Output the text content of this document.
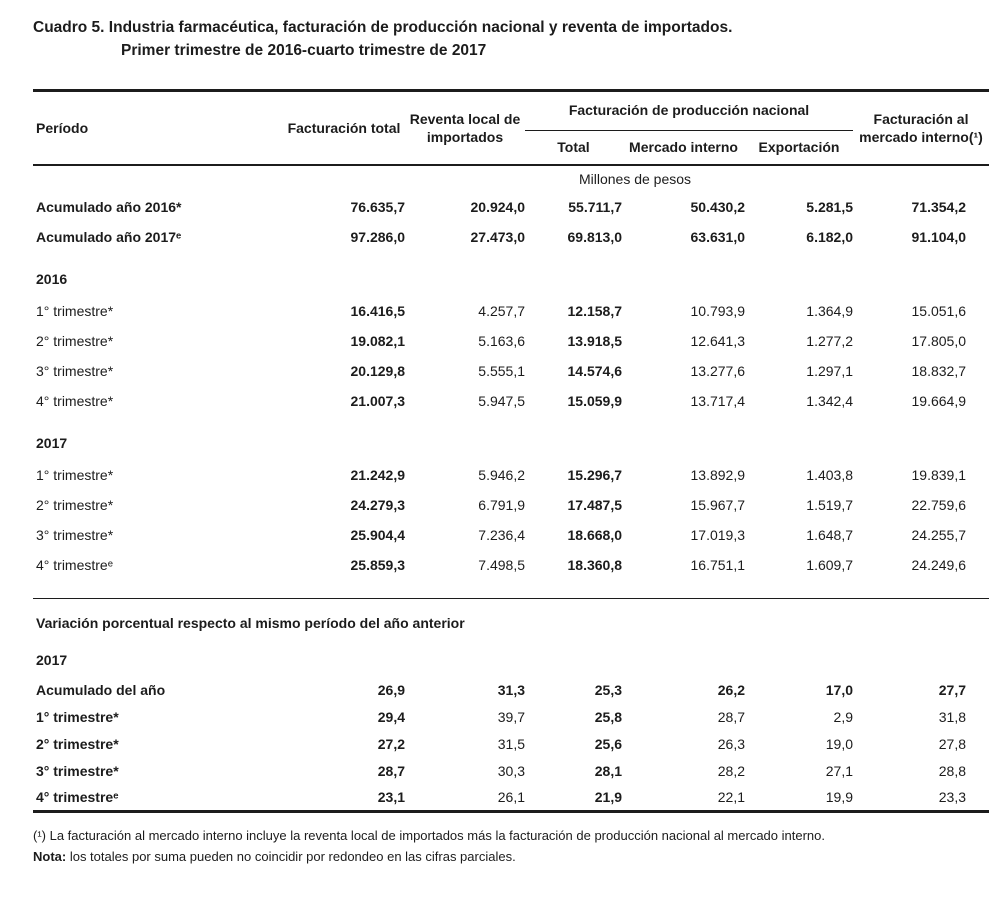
Cuadro 5. Industria farmacéutica, facturación de producción nacional y reventa de importados.
Primer trimestre de 2016-cuarto trimestre de 2017
Período	Facturación total	Reventa local de importados	Facturación de producción nacional			Facturación al mercado interno(¹)
			Total	Mercado interno	Exportación	
			Millones de pesos			
Acumulado año 2016*	76.635,7	20.924,0	55.711,7	50.430,2	5.281,5	71.354,2
Acumulado año 2017ᵉ	97.286,0	27.473,0	69.813,0	63.631,0	6.182,0	91.104,0
2016						
1° trimestre*	16.416,5	4.257,7	12.158,7	10.793,9	1.364,9	15.051,6
2° trimestre*	19.082,1	5.163,6	13.918,5	12.641,3	1.277,2	17.805,0
3° trimestre*	20.129,8	5.555,1	14.574,6	13.277,6	1.297,1	18.832,7
4° trimestre*	21.007,3	5.947,5	15.059,9	13.717,4	1.342,4	19.664,9
2017						
1° trimestre*	21.242,9	5.946,2	15.296,7	13.892,9	1.403,8	19.839,1
2° trimestre*	24.279,3	6.791,9	17.487,5	15.967,7	1.519,7	22.759,6
3° trimestre*	25.904,4	7.236,4	18.668,0	17.019,3	1.648,7	24.255,7
4° trimestreᵉ	25.859,3	7.498,5	18.360,8	16.751,1	1.609,7	24.249,6

Variación porcentual respecto al mismo período del año anterior						
2017						
Acumulado del año	26,9	31,3	25,3	26,2	17,0	27,7
1° trimestre*	29,4	39,7	25,8	28,7	2,9	31,8
2° trimestre*	27,2	31,5	25,6	26,3	19,0	27,8
3° trimestre*	28,7	30,3	28,1	28,2	27,1	28,8
4° trimestreᵉ	23,1	26,1	21,9	22,1	19,9	23,3

(¹) La facturación al mercado interno incluye la reventa local de importados más la facturación de producción nacional al mercado interno.

Nota: los totales por suma pueden no coincidir por redondeo en las cifras parciales.
